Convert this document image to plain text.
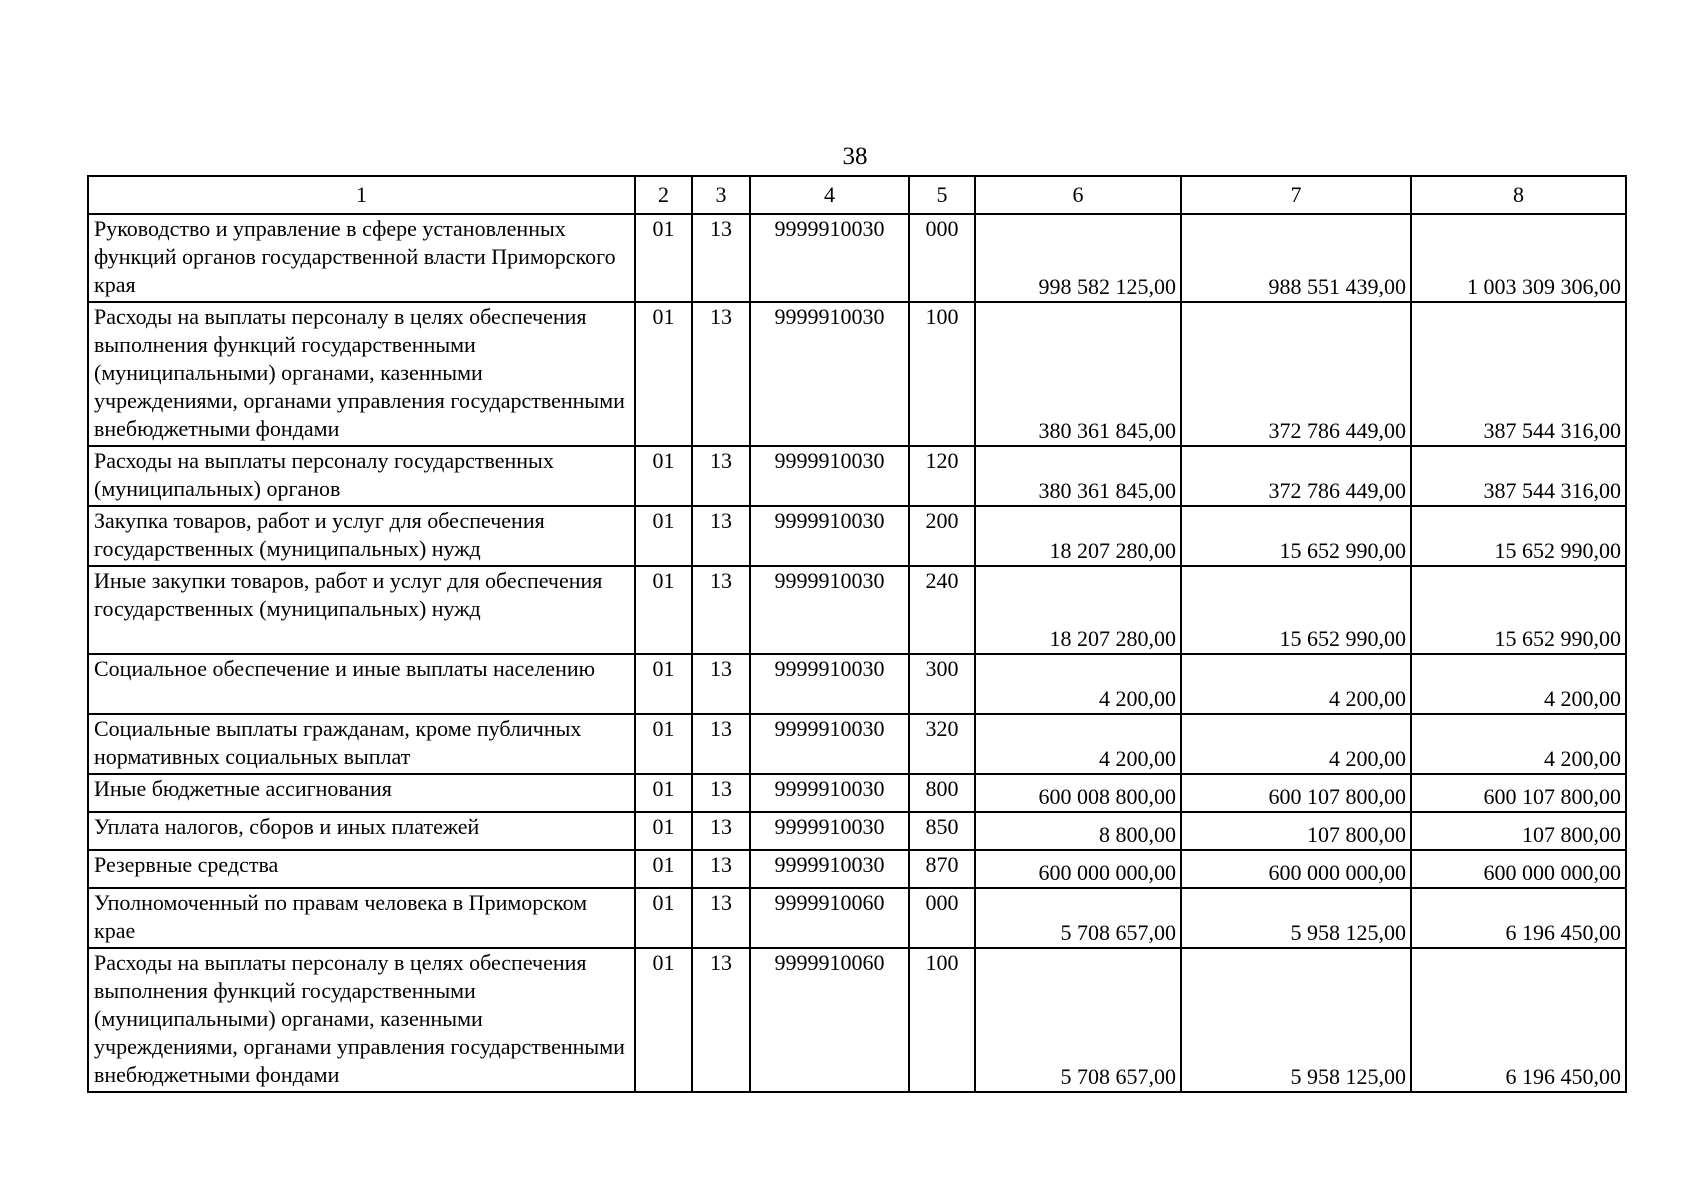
38
1	2	3	4	5	6	7	8
Руководство и управление в сфере установленных функций органов государственной власти Приморского края	01	13	9999910030	000	998 582 125,00	988 551 439,00	1 003 309 306,00
Расходы на выплаты персоналу в целях обеспечения выполнения функций государственными (муниципальными) органами, казенными учреждениями, органами управления государственными внебюджетными фондами	01	13	9999910030	100	380 361 845,00	372 786 449,00	387 544 316,00
Расходы на выплаты персоналу государственных (муниципальных) органов	01	13	9999910030	120	380 361 845,00	372 786 449,00	387 544 316,00
Закупка товаров, работ и услуг для обеспечения государственных (муниципальных) нужд	01	13	9999910030	200	18 207 280,00	15 652 990,00	15 652 990,00
Иные закупки товаров, работ и услуг для обеспечения государственных (муниципальных) нужд	01	13	9999910030	240	18 207 280,00	15 652 990,00	15 652 990,00
Социальное обеспечение и иные выплаты населению	01	13	9999910030	300	4 200,00	4 200,00	4 200,00
Социальные выплаты гражданам, кроме публичных нормативных социальных выплат	01	13	9999910030	320	4 200,00	4 200,00	4 200,00
Иные бюджетные ассигнования	01	13	9999910030	800	600 008 800,00	600 107 800,00	600 107 800,00
Уплата налогов, сборов и иных платежей	01	13	9999910030	850	8 800,00	107 800,00	107 800,00
Резервные средства	01	13	9999910030	870	600 000 000,00	600 000 000,00	600 000 000,00
Уполномоченный по правам человека в Приморском крае	01	13	9999910060	000	5 708 657,00	5 958 125,00	6 196 450,00
Расходы на выплаты персоналу в целях обеспечения выполнения функций государственными (муниципальными) органами, казенными учреждениями, органами управления государственными внебюджетными фондами	01	13	9999910060	100	5 708 657,00	5 958 125,00	6 196 450,00
